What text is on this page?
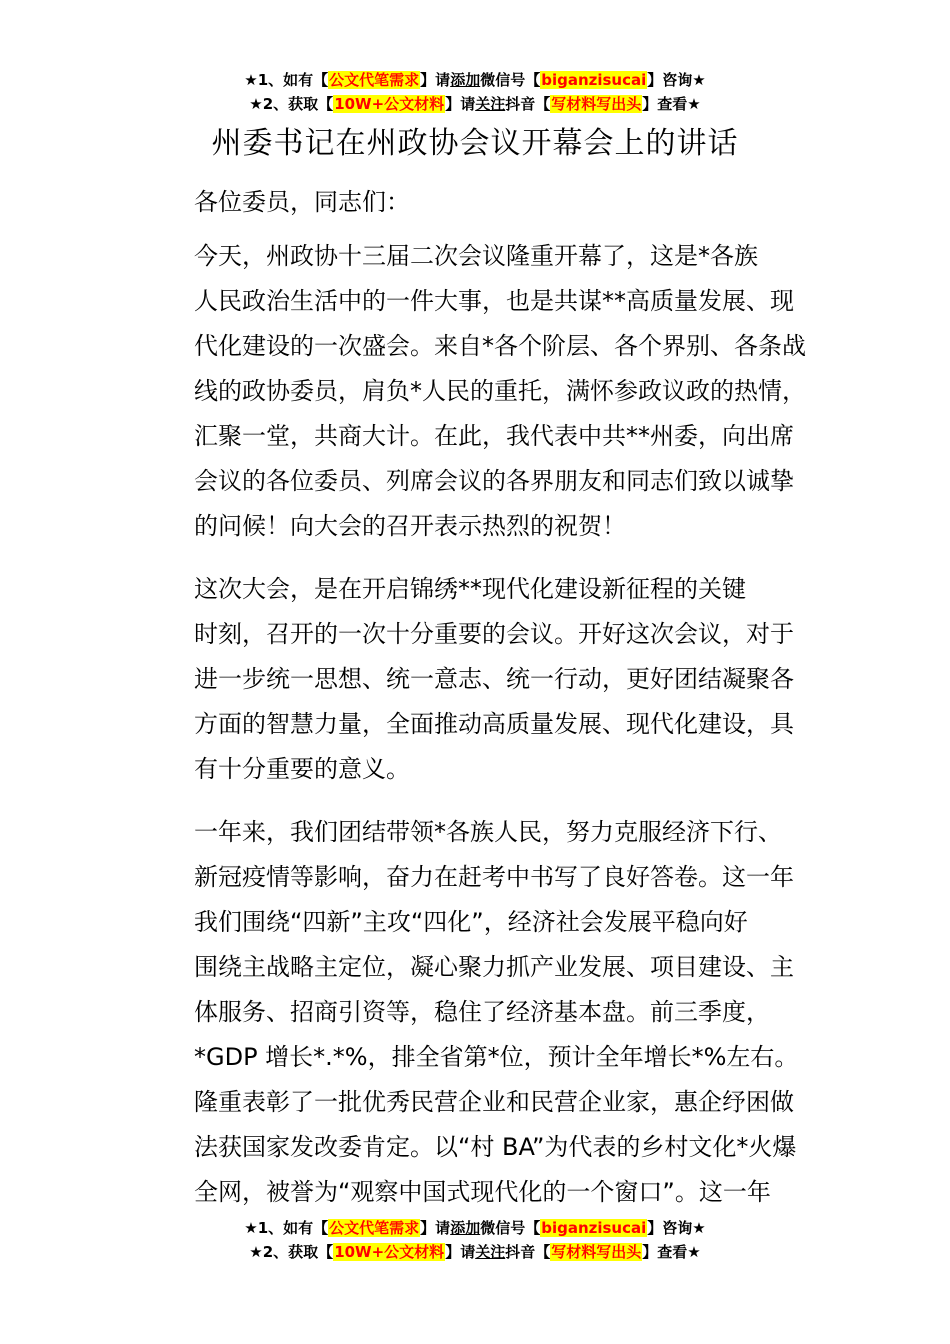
★1、如有【公文代笔需求】请添加微信号【biganzisucai】咨询★
★2、获取【10W+公文材料】请关注抖音【写材料写出头】查看★
州委书记在州政协会议开幕会上的讲话

各位委员，同志们：

今天，州政协十三届二次会议隆重开幕了，这是*各族
人民政治生活中的一件大事，也是共谋**高质量发展、现
代化建设的一次盛会。来自*各个阶层、各个界别、各条战
线的政协委员，肩负*人民的重托，满怀参政议政的热情，
汇聚一堂，共商大计。在此，我代表中共**州委，向出席
会议的各位委员、列席会议的各界朋友和同志们致以诚挚
的问候！向大会的召开表示热烈的祝贺！

这次大会，是在开启锦绣**现代化建设新征程的关键
时刻，召开的一次十分重要的会议。开好这次会议，对于
进一步统一思想、统一意志、统一行动，更好团结凝聚各
方面的智慧力量，全面推动高质量发展、现代化建设，具
有十分重要的意义。

一年来，我们团结带领*各族人民，努力克服经济下行、
新冠疫情等影响，奋力在赶考中书写了良好答卷。这一年
我们围绕“四新”主攻“四化”，经济社会发展平稳向好
围绕主战略主定位，凝心聚力抓产业发展、项目建设、主
体服务、招商引资等，稳住了经济基本盘。前三季度，
*GDP 增长*.*%，排全省第*位，预计全年增长*%左右。
隆重表彰了一批优秀民营企业和民营企业家，惠企纾困做
法获国家发改委肯定。以“村 BA”为代表的乡村文化*火爆
全网，被誉为“观察中国式现代化的一个窗口”。这一年

★1、如有【公文代笔需求】请添加微信号【biganzisucai】咨询★
★2、获取【10W+公文材料】请关注抖音【写材料写出头】查看★
